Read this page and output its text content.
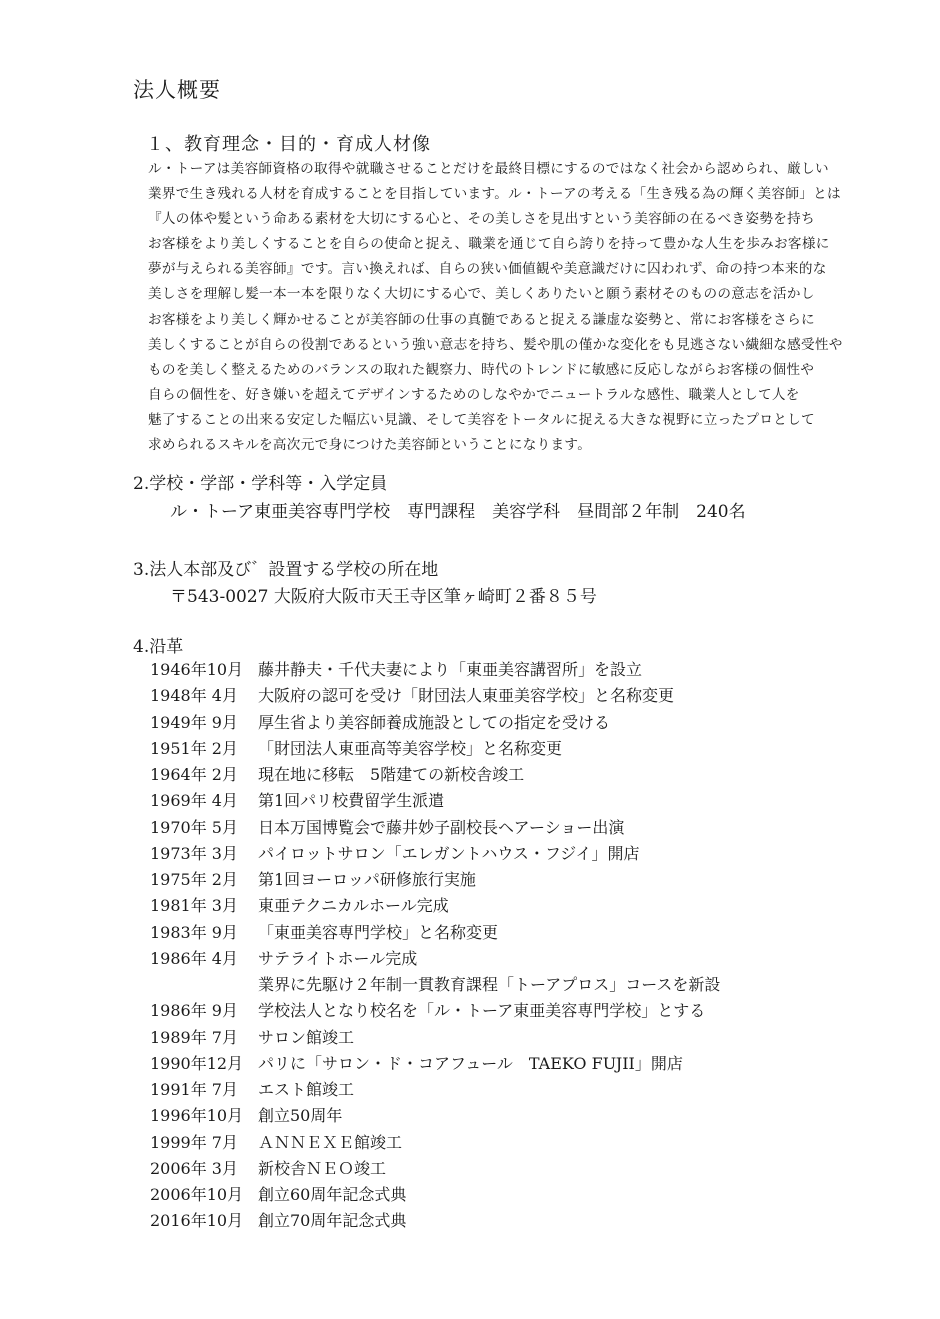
法人概要
１、教育理念・目的・育成人材像
ル・トーアは美容師資格の取得や就職させることだけを最終目標にするのではなく社会から認められ、厳しい
業界で生き残れる人材を育成することを目指しています。ル・トーアの考える「生き残る為の輝く美容師」とは
『人の体や髪という命ある素材を大切にする心と、その美しさを見出すという美容師の在るべき姿勢を持ち
お客様をより美しくすることを自らの使命と捉え、職業を通じて自ら誇りを持って豊かな人生を歩みお客様に
夢が与えられる美容師』です。言い換えれば、自らの狭い価値観や美意識だけに囚われず、命の持つ本来的な
美しさを理解し髪一本一本を限りなく大切にする心で、美しくありたいと願う素材そのものの意志を活かし
お客様をより美しく輝かせることが美容師の仕事の真髄であると捉える謙虚な姿勢と、常にお客様をさらに
美しくすることが自らの役割であるという強い意志を持ち、髪や肌の僅かな変化をも見逃さない繊細な感受性や
ものを美しく整えるためのバランスの取れた観察力、時代のトレンドに敏感に反応しながらお客様の個性や
自らの個性を、好き嫌いを超えてデザインするためのしなやかでニュートラルな感性、職業人として人を
魅了することの出来る安定した幅広い見識、そして美容をトータルに捉える大きな視野に立ったプロとして
求められるスキルを高次元で身につけた美容師ということになります。
2.学校・学部・学科等・入学定員
ル・トーア東亜美容専門学校　専門課程　美容学科　昼間部２年制　240名
3.法人本部及び゛設置する学校の所在地
〒543-0027 大阪府大阪市天王寺区筆ヶ崎町２番８５号
4.沿革
1946年10月 藤井静夫・千代夫妻により「東亜美容講習所」を設立
1948年 4月 大阪府の認可を受け「財団法人東亜美容学校」と名称変更
1949年 9月 厚生省より美容師養成施設としての指定を受ける
1951年 2月 「財団法人東亜高等美容学校」と名称変更
1964年 2月 現在地に移転　5階建ての新校舎竣工
1969年 4月 第1回パリ校費留学生派遣
1970年 5月 日本万国博覧会で藤井妙子副校長ヘアーショー出演
1973年 3月 パイロットサロン「エレガントハウス・フジイ」開店
1975年 2月 第1回ヨーロッパ研修旅行実施
1981年 3月 東亜テクニカルホール完成
1983年 9月 「東亜美容専門学校」と名称変更
1986年 4月 サテライトホール完成
業界に先駆け２年制一貫教育課程「トーアプロス」コースを新設
1986年 9月 学校法人となり校名を「ル・トーア東亜美容専門学校」とする
1989年 7月 サロン館竣工
1990年12月 パリに「サロン・ド・コアフュール　TAEKO FUJII」開店
1991年 7月 エスト館竣工
1996年10月 創立50周年
1999年 7月 ＡＮＮＥＸＥ館竣工
2006年 3月 新校舎ＮＥＯ竣工
2006年10月 創立60周年記念式典
2016年10月 創立70周年記念式典
